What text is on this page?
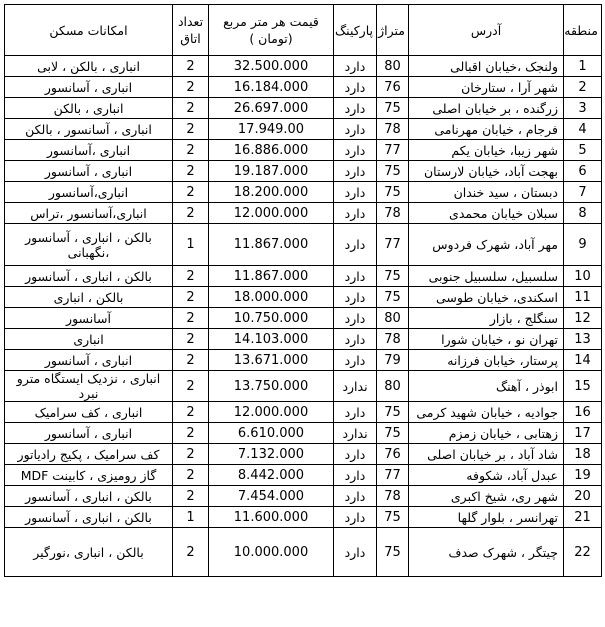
منطقه	آدرس	متراژ	پارکینگ	قیمت هر متر مربع (تومان )	تعداد اتاق	امکانات مسکن
1	ولنجک ،خیابان اقبالی	80	دارد	32.500.000	2	انباری ، بالکن ، لابی
2	شهر آرا ، ستارخان	76	دارد	16.184.000	2	انباری ، آسانسور
3	زرگنده ، بر خیابان اصلی	75	دارد	26.697.000	2	انباری ، بالکن
4	فرجام ، خیابان مهرنامی	78	دارد	17.949.00	2	انباری ، آسانسور ، بالکن
5	شهر زیبا، خیابان یکم	77	دارد	16.886.000	2	انباری ،آسانسور
6	بهجت آباد، خیابان لارستان	75	دارد	19.187.000	2	انباری ، آسانسور
7	دبستان ، سید خندان	75	دارد	18.200.000	2	انباری،آسانسور
8	سبلان خیابان محمدی	78	دارد	12.000.000	2	انباری،آسانسور ،تراس
9	مهر آباد، شهرک فردوس	77	دارد	11.867.000	1	بالکن ، انباری ، آسانسور ،نگهبانی
10	سلسبیل، سلسبیل جنوبی	75	دارد	11.867.000	2	بالکن ، انباری ، آسانسور
11	اسکندی، خیابان طوسی	75	دارد	18.000.000	2	بالکن ، انباری
12	سنگلج ، بازار	80	دارد	10.750.000	2	آسانسور
13	تهران نو ، خیابان شورا	78	دارد	14.103.000	2	انباری
14	پرستار، خیابان فرزانه	79	دارد	13.671.000	2	انباری ، آسانسور
15	ابوذر ، آهنگ	80	ندارد	13.750.000	2	انباری ، نزدیک ایستگاه مترو نبرد
16	جوادیه ، خیابان شهید کرمی	75	دارد	12.000.000	2	انباری ، کف سرامیک
17	زهتابی ، خیابان زمزم	75	ندارد	6.610.000	2	انباری ، آسانسور
18	شاد آباد ، بر خیابان اصلی	76	دارد	7.132.000	2	کف سرامیک ، پکیج رادیاتور
19	عبدل آباد، شکوفه	77	دارد	8.442.000	2	گاز رومیزی ، کابینت MDF
20	شهر ری، شیخ اکبری	78	دارد	7.454.000	2	بالکن ، انباری ، آسانسور
21	تهرانسر ، بلوار گلها	75	دارد	11.600.000	1	بالکن ، انباری ، آسانسور
22	چیتگر ، شهرک صدف	75	دارد	10.000.000	2	بالکن ، انباری ،نورگیر
